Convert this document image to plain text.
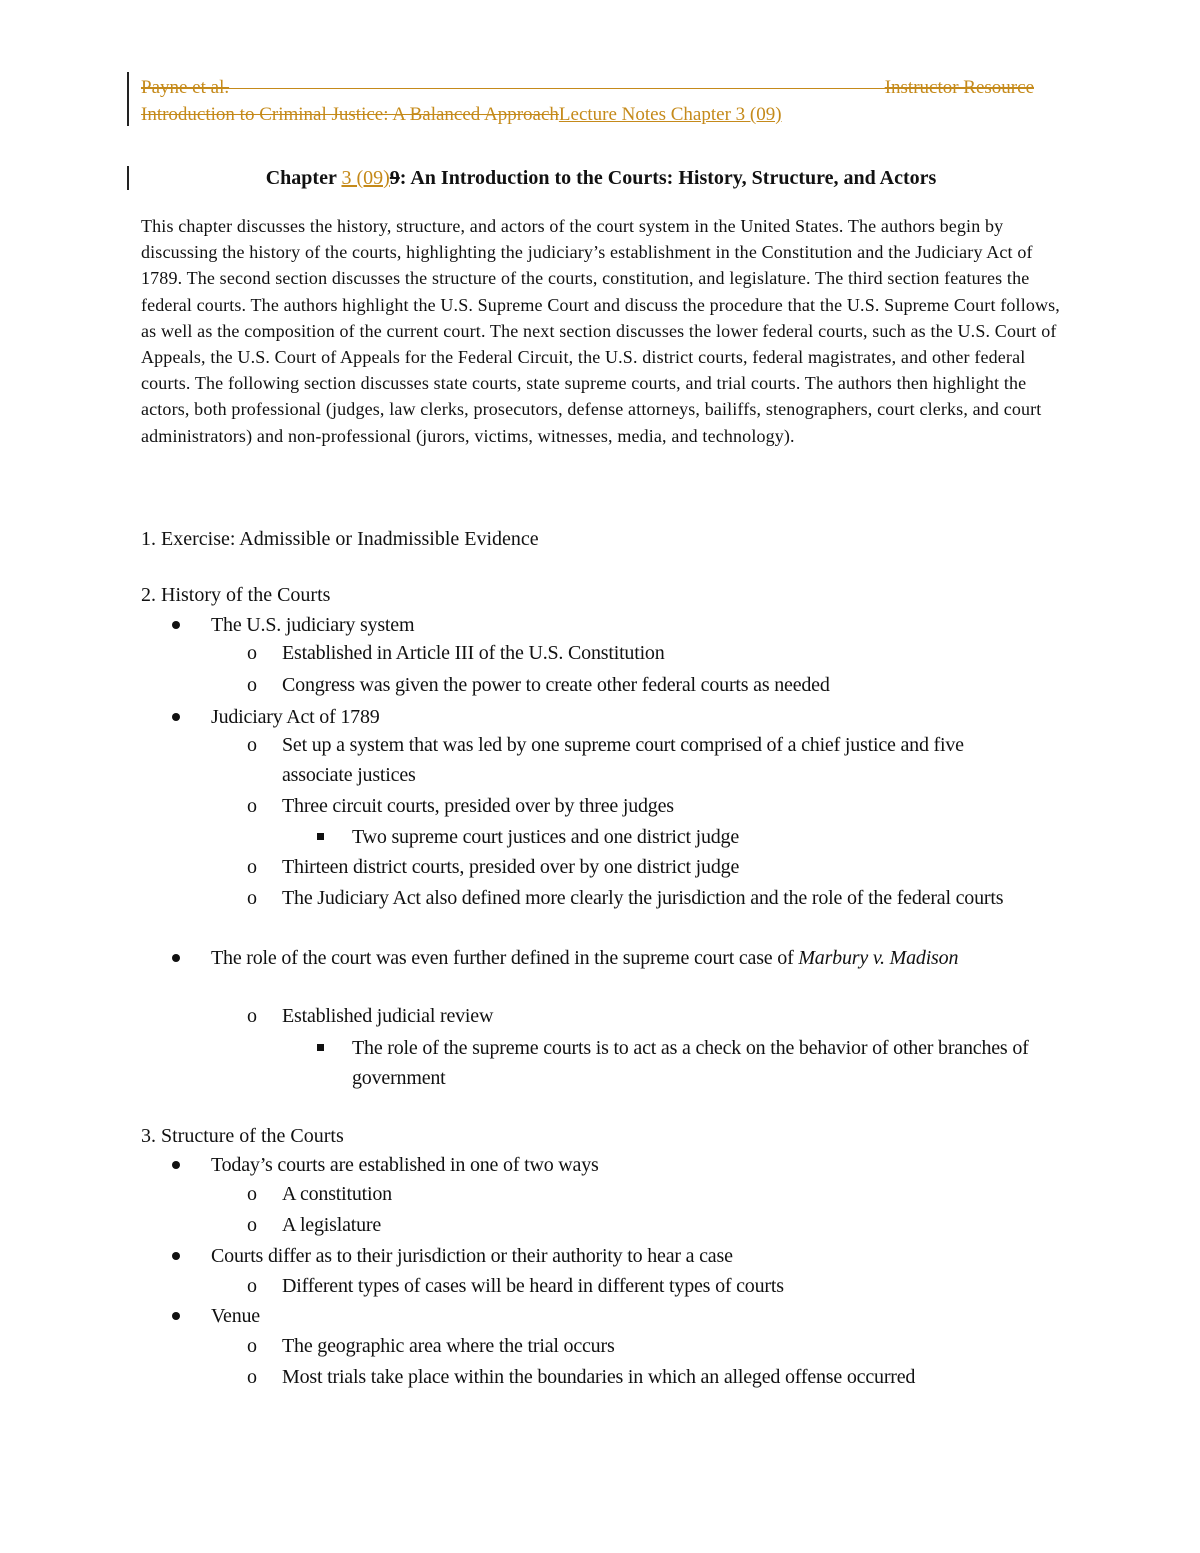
Payne et al.	Instructor Resource
Introduction to Criminal Justice: A Balanced ApproachLecture Notes Chapter 3 (09)
Chapter 3 (09)9: An Introduction to the Courts: History, Structure, and Actors

This chapter discusses the history, structure, and actors of the court system in the United States. The authors begin by discussing the history of the courts, highlighting the judiciary’s establishment in the Constitution and the Judiciary Act of 1789. The second section discusses the structure of the courts, constitution, and legislature. The third section features the federal courts. The authors highlight the U.S. Supreme Court and discuss the procedure that the U.S. Supreme Court follows, as well as the composition of the current court. The next section discusses the lower federal courts, such as the U.S. Court of Appeals, the U.S. Court of Appeals for the Federal Circuit, the U.S. district courts, federal magistrates, and other federal courts. The following section discusses state courts, state supreme courts, and trial courts. The authors then highlight the actors, both professional (judges, law clerks, prosecutors, defense attorneys, bailiffs, stenographers, court clerks, and court administrators) and non-professional (jurors, victims, witnesses, media, and technology).

1. Exercise: Admissible or Inadmissible Evidence

2. History of the Courts

The U.S. judiciary system
o Established in Article III of the U.S. Constitution
o Congress was given the power to create other federal courts as needed
Judiciary Act of 1789
o Set up a system that was led by one supreme court comprised of a chief justice and five associate justices
o Three circuit courts, presided over by three judges
Two supreme court justices and one district judge
o Thirteen district courts, presided over by one district judge
o The Judiciary Act also defined more clearly the jurisdiction and the role of the federal courts
The role of the court was even further defined in the supreme court case of Marbury v. Madison
o Established judicial review
The role of the supreme courts is to act as a check on the behavior of other branches of government

3. Structure of the Courts

Today’s courts are established in one of two ways
o A constitution
o A legislature
Courts differ as to their jurisdiction or their authority to hear a case
o Different types of cases will be heard in different types of courts
Venue
o The geographic area where the trial occurs
o Most trials take place within the boundaries in which an alleged offense occurred
